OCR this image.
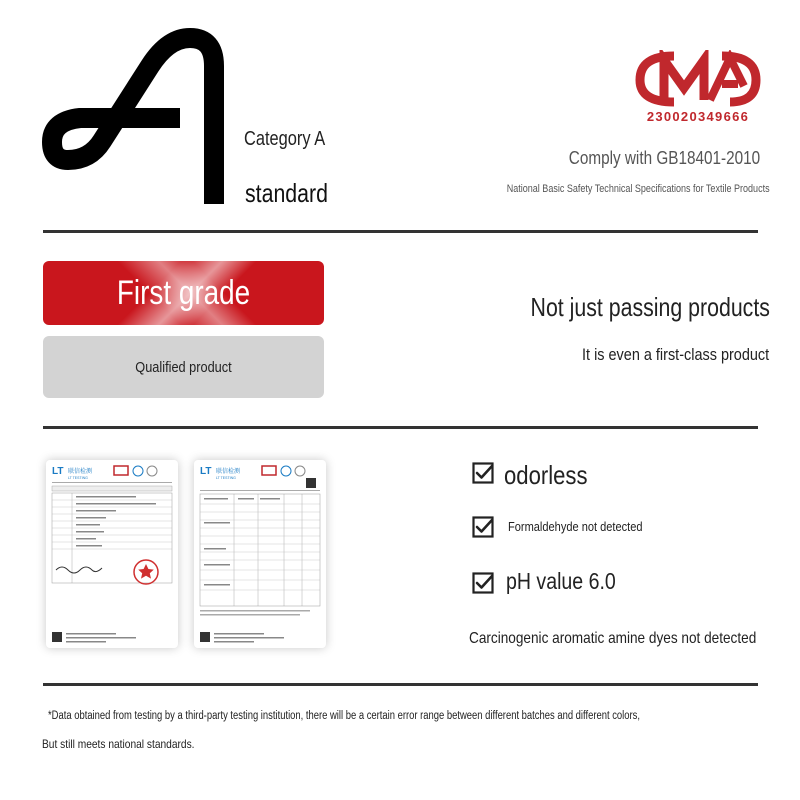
Category A
standard
CMA
230020349666
Comply with GB18401-2010
National Basic Safety Technical Specifications for Textile Products
First grade
Qualified product
Not just passing products
It is even a first-class product
LT 联信检测
LT TESTING
LT 联信检测
LT TESTING	odorless
Formaldehyde not detected
pH value 6.0
Carcinogenic aromatic amine dyes not detected
*Data obtained from testing by a third-party testing institution, there will be a certain error range between different batches and different colors,
But still meets national standards.
